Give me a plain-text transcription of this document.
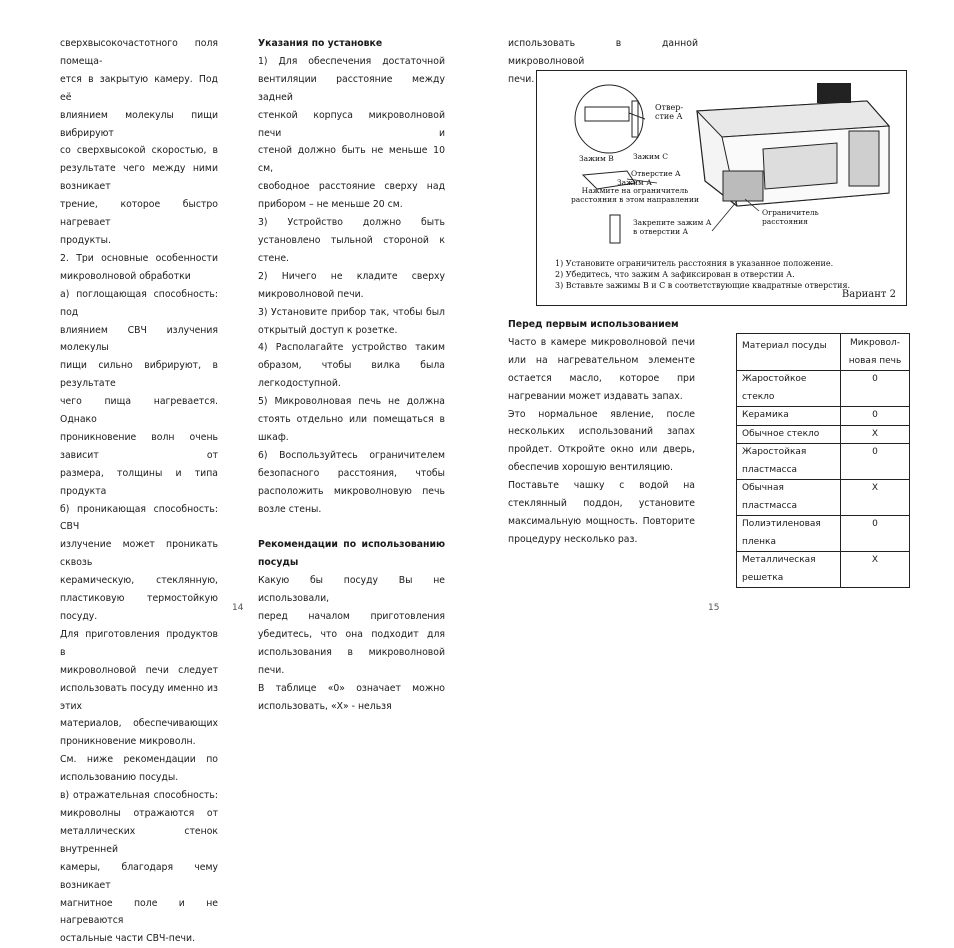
сверхвысокочастотного поля помеща-

ется в закрытую камеру. Под её

влиянием молекулы пищи вибрируют

со сверхвысокой скоростью, в

результате чего между ними возникает

трение, которое быстро нагревает

продукты.

2. Три основные особенности

микроволновой обработки

а) поглощающая способность: под

влиянием СВЧ излучения молекулы

пищи сильно вибрируют, в результате

чего пища нагревается. Однако

проникновение волн очень зависит от

размера, толщины и типа продукта

б) проникающая способность: СВЧ

излучение может проникать сквозь

керамическую, стеклянную,

пластиковую термостойкую посуду.

Для приготовления продуктов в

микроволновой печи следует

использовать посуду именно из этих

материалов, обеспечивающих

проникновение микроволн.

См. ниже рекомендации по

использованию посуды.

в) отражательная способность:

микроволны отражаются от

металлических стенок внутренней

камеры, благодаря чему возникает

магнитное поле и не нагреваются

остальные части СВЧ-печи.

Указания по установке

1) Для обеспечения достаточной

вентиляции расстояние между задней

стенкой корпуса микроволновой печи и

стеной должно быть не меньше 10 см,

свободное расстояние сверху над

прибором – не меньше 20 см.

3) Устройство должно быть

установлено тыльной стороной к стене.

2) Ничего не кладите сверху

микроволновой печи.

3) Установите прибор так, чтобы был

открытый доступ к розетке.

4) Располагайте устройство таким

образом, чтобы вилка была

легкодоступной.

5) Микроволновая печь не должна

стоять отдельно или помещаться в

шкаф.

6) Воспользуйтесь ограничителем

безопасного расстояния, чтобы

расположить микроволновую печь

возле стены.

Рекомендации по использованию
посуды

Какую бы посуду Вы не использовали,

перед началом приготовления

убедитесь, что она подходит для

использования в микроволновой печи.

В таблице «0» означает можно

использовать, «X» - нельзя

14

использовать в данной микроволновой

печи.

Отвер-
стие А
Зажим В	Зажим С
Отверстие А
Зажим А
Нажмите на ограничитель
расстояния в этом направлении
Ограничитель
расстояния
Закрепите зажим А
в отверстии А
1) Установите ограничитель расстояния в указанное положение.
2) Убедитесь, что зажим А зафиксирован в отверстии А.
3) Вставьте зажимы В и С в соответствующие квадратные отверстия.
Вариант 2
Перед первым использованием

Часто в камере микроволновой печи

или на нагревательном элементе

остается масло, которое при

нагревании может издавать запах.

Это нормальное явление, после

нескольких использований запах

пройдет. Откройте окно или дверь,

обеспечив хорошую вентиляцию.

Поставьте чашку с водой на

стеклянный поддон, установите

максимальную мощность. Повторите

процедуру несколько раз.

Материал посуды	Микровол-
новая печь
Жаростойкое стекло	0
Керамика	0
Обычное стекло	X
Жаростойкая пластмасса	0
Обычная пластмасса	X
Полиэтиленовая пленка	0
Металлическая решетка	X
15
